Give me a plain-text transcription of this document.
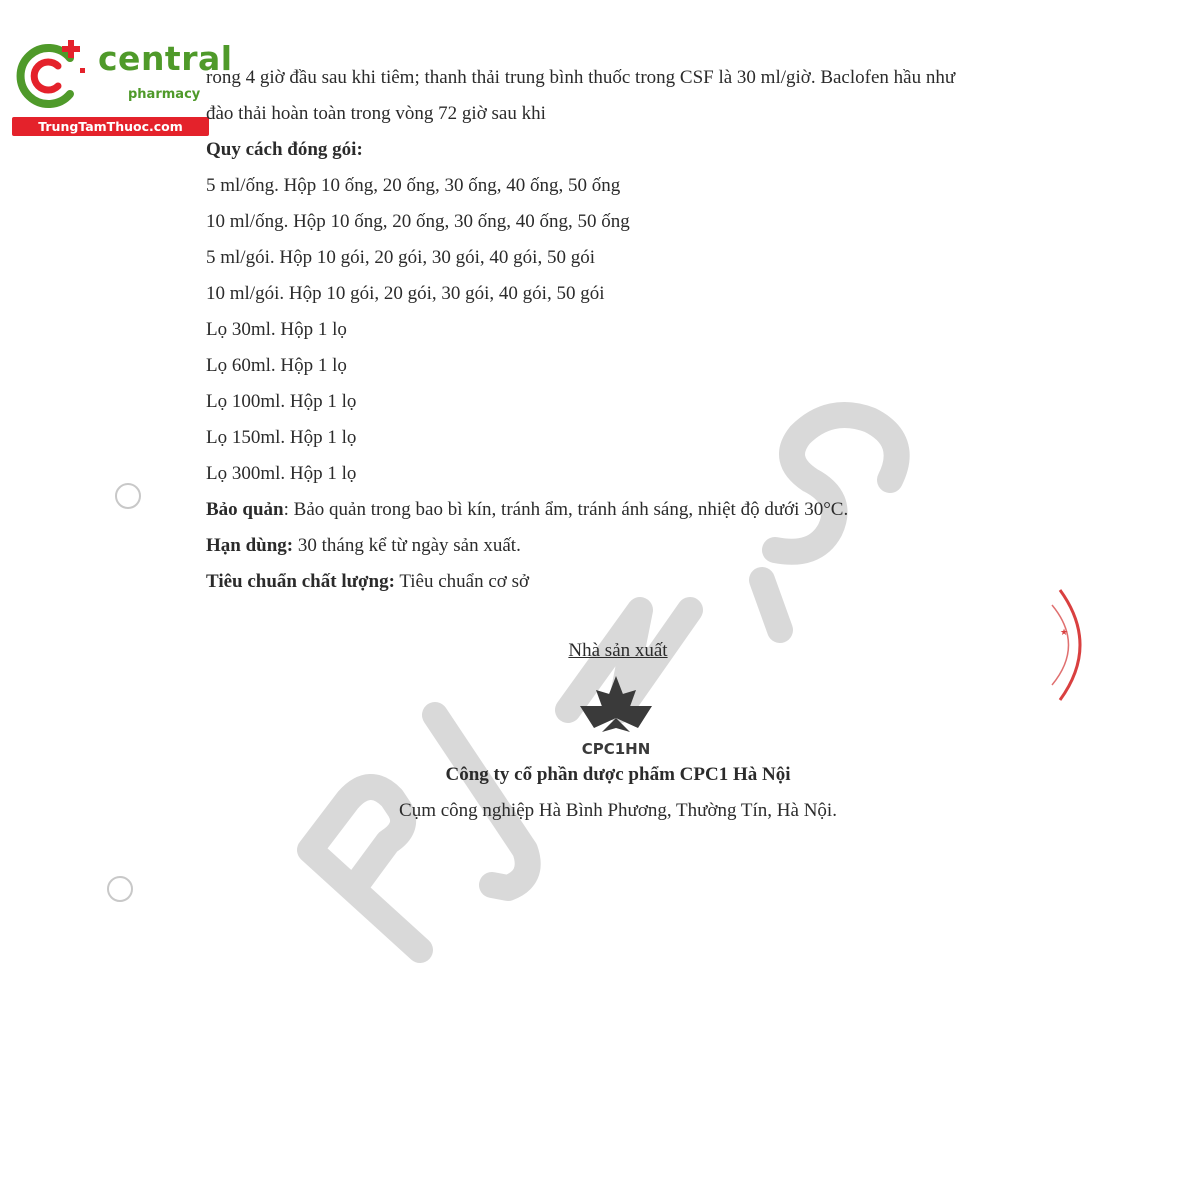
central
pharmacy
TrungTamThuoc.com
★
rong 4 giờ đầu sau khi tiêm; thanh thải trung bình thuốc trong CSF là 30 ml/giờ. Baclofen hầu như
đào thải hoàn toàn trong vòng 72 giờ sau khi
Quy cách đóng gói:
5 ml/ống. Hộp 10 ống, 20 ống, 30 ống, 40 ống, 50 ống
10 ml/ống. Hộp 10 ống, 20 ống, 30 ống, 40 ống, 50 ống
5 ml/gói. Hộp 10 gói, 20 gói, 30 gói, 40 gói, 50 gói
10 ml/gói. Hộp 10 gói, 20 gói, 30 gói, 40 gói, 50 gói
Lọ 30ml. Hộp 1 lọ
Lọ 60ml. Hộp 1 lọ
Lọ 100ml. Hộp 1 lọ
Lọ 150ml. Hộp 1 lọ
Lọ 300ml. Hộp 1 lọ
Bảo quản: Bảo quản trong bao bì kín, tránh ẩm, tránh ánh sáng, nhiệt độ dưới 30°C.
Hạn dùng: 30 tháng kể từ ngày sản xuất.
Tiêu chuẩn chất lượng: Tiêu chuẩn cơ sở
Nhà sản xuất
CPC1HN
Công ty cổ phần dược phẩm CPC1 Hà Nội
Cụm công nghiệp Hà Bình Phương, Thường Tín, Hà Nội.
